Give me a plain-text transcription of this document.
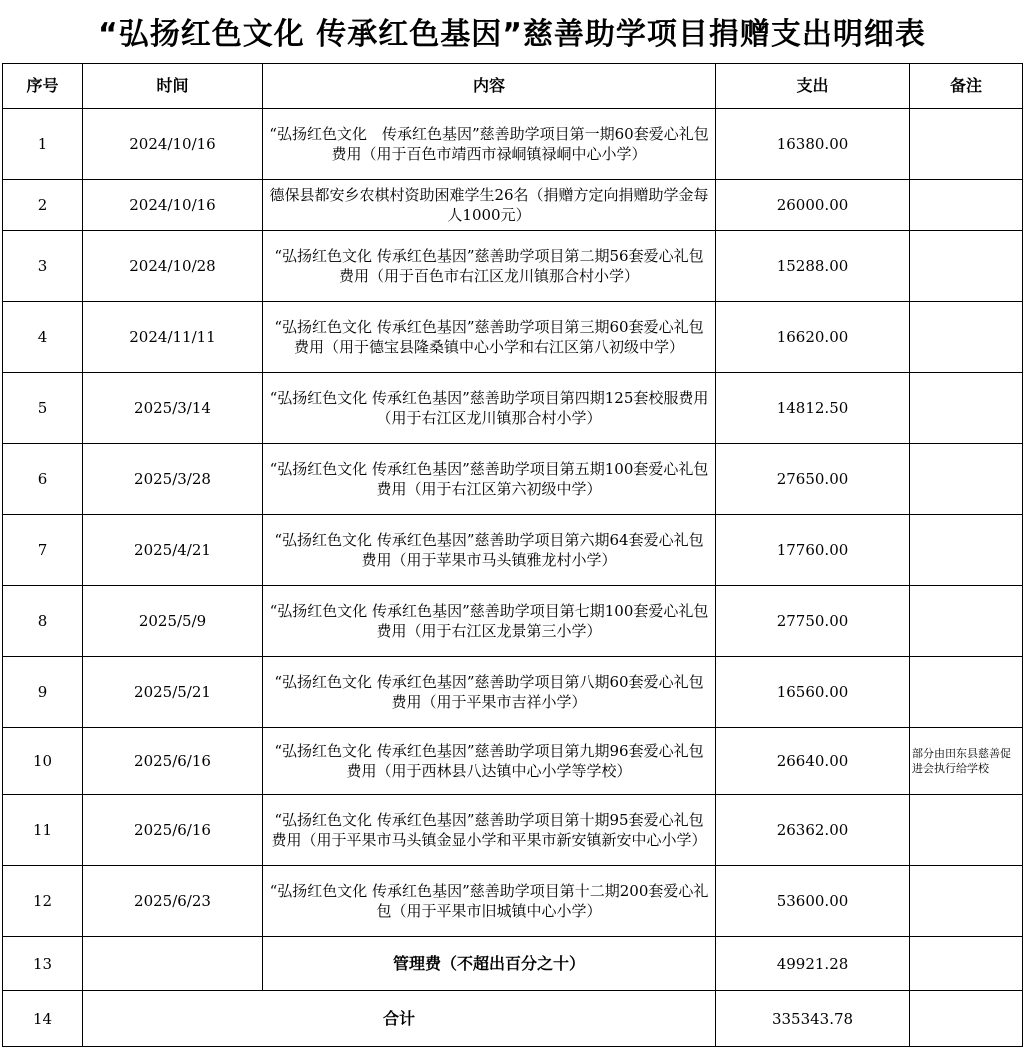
“弘扬红色文化 传承红色基因”慈善助学项目捐赠支出明细表
序号	时间	内容	支出	备注
1	2024/10/16	“弘扬红色文化　传承红色基因”慈善助学项目第一期60套爱心礼包费用（用于百色市靖西市禄峒镇禄峒中心小学）	16380.00	
2	2024/10/16	德保县都安乡农棋村资助困难学生26名（捐赠方定向捐赠助学金每人1000元）	26000.00	
3	2024/10/28	“弘扬红色文化 传承红色基因”慈善助学项目第二期56套爱心礼包费用（用于百色市右江区龙川镇那合村小学）	15288.00	
4	2024/11/11	“弘扬红色文化 传承红色基因”慈善助学项目第三期60套爱心礼包费用（用于德宝县隆桑镇中心小学和右江区第八初级中学）	16620.00	
5	2025/3/14	“弘扬红色文化 传承红色基因”慈善助学项目第四期125套校服费用（用于右江区龙川镇那合村小学）	14812.50	
6	2025/3/28	“弘扬红色文化 传承红色基因”慈善助学项目第五期100套爱心礼包费用（用于右江区第六初级中学）	27650.00	
7	2025/4/21	“弘扬红色文化 传承红色基因”慈善助学项目第六期64套爱心礼包费用（用于苹果市马头镇雅龙村小学）	17760.00	
8	2025/5/9	“弘扬红色文化 传承红色基因”慈善助学项目第七期100套爱心礼包费用（用于右江区龙景第三小学）	27750.00	
9	2025/5/21	“弘扬红色文化 传承红色基因”慈善助学项目第八期60套爱心礼包费用（用于平果市吉祥小学）	16560.00	
10	2025/6/16	“弘扬红色文化 传承红色基因”慈善助学项目第九期96套爱心礼包费用（用于西林县八达镇中心小学等学校）	26640.00	部分由田东县慈善促进会执行给学校
11	2025/6/16	“弘扬红色文化 传承红色基因”慈善助学项目第十期95套爱心礼包费用（用于平果市马头镇金显小学和平果市新安镇新安中心小学）	26362.00	
12	2025/6/23	“弘扬红色文化 传承红色基因”慈善助学项目第十二期200套爱心礼包（用于平果市旧城镇中心小学）	53600.00	
13		管理费（不超出百分之十）	49921.28	
14	合计		335343.78	
